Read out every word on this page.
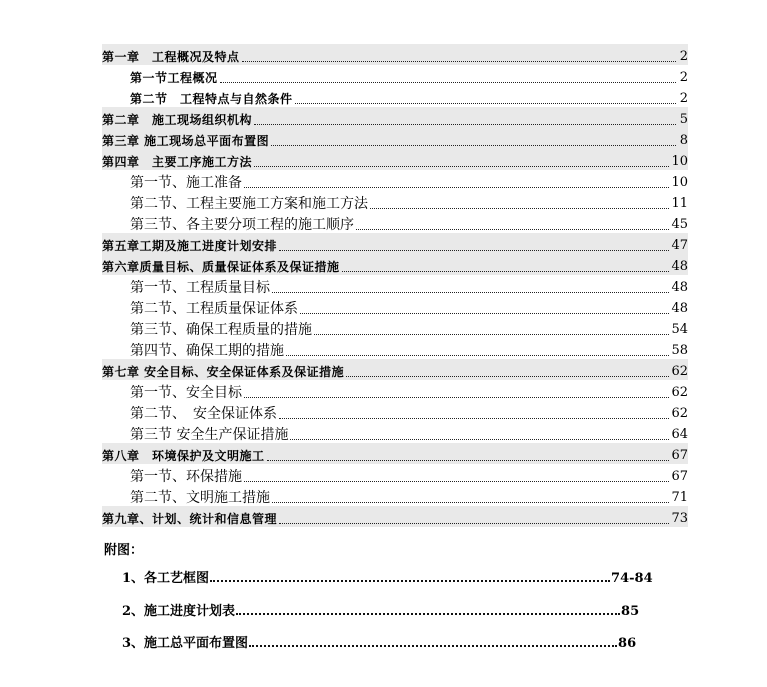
第一章　工程概况及特点	2
第一节工程概况	2
第二节　工程特点与自然条件	2
第二章　施工现场组织机构	5
第三章 施工现场总平面布置图	8
第四章　主要工序施工方法	10
第一节、施工准备	10
第二节、工程主要施工方案和施工方法	11
第三节、各主要分项工程的施工顺序	45
第五章工期及施工进度计划安排	47
第六章质量目标、质量保证体系及保证措施	48
第一节、工程质量目标	48
第二节、工程质量保证体系	48
第三节、确保工程质量的措施	54
第四节、确保工期的措施	58
第七章 安全目标、安全保证体系及保证措施	62
第一节、安全目标	62
第二节、　安全保证体系	62
第三节 安全生产保证措施	64
第八章　环境保护及文明施工	67
第一节、环保措施	67
第二节、文明施工措施	71
第九章、计划、统计和信息管理	73
附图：
1、各工艺框图	74-84
2、施工进度计划表	85
3、施工总平面布置图	86
